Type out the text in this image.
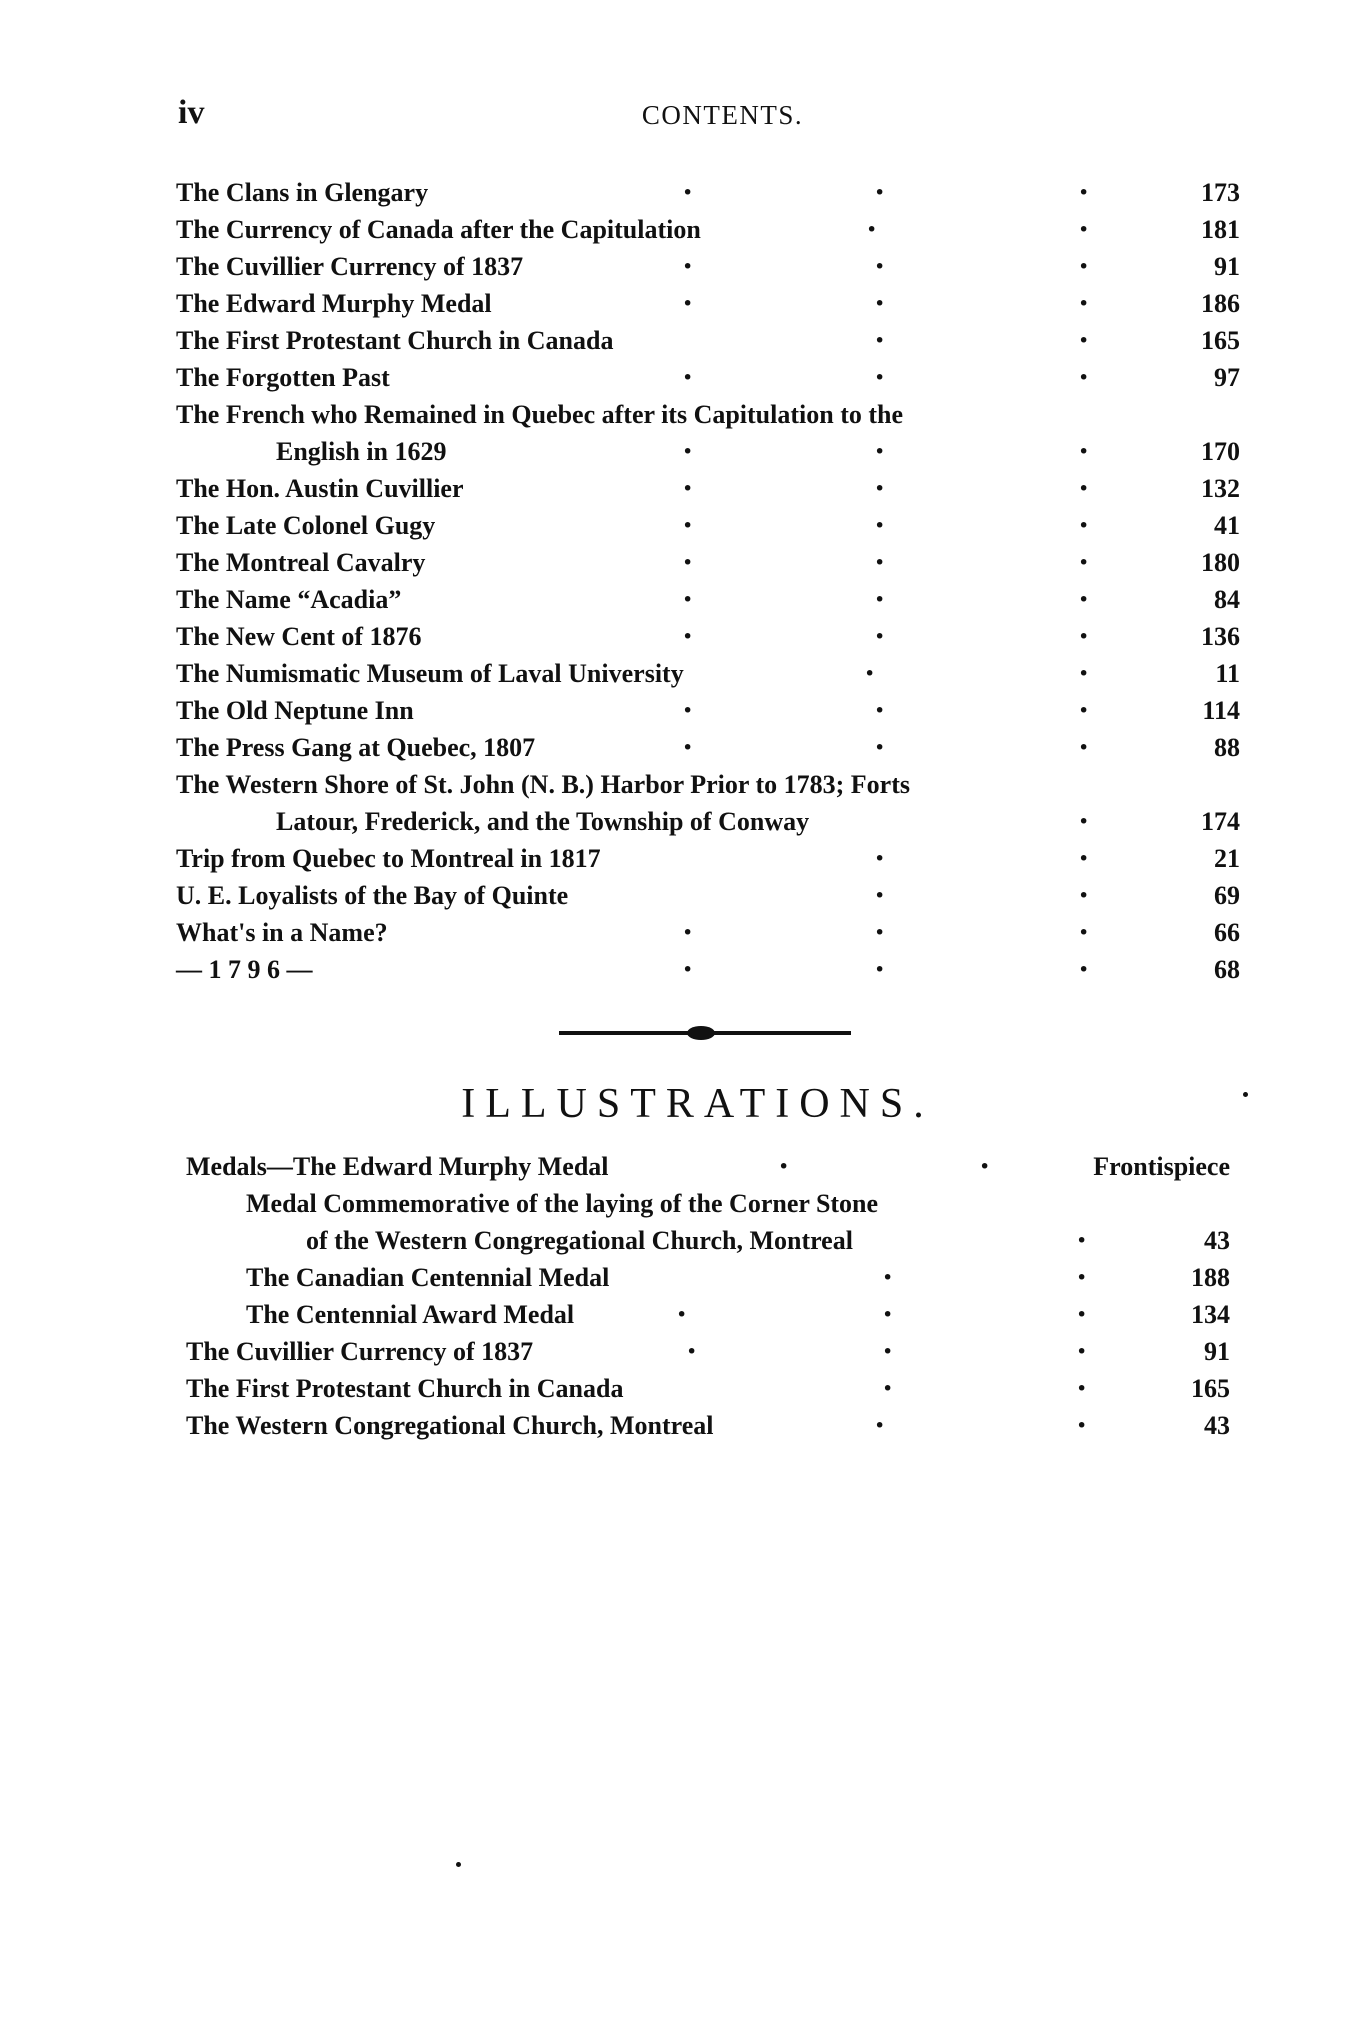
iv	CONTENTS.
The Clans in Glengary · · ·	173
The Currency of Canada after the Capitulation · ·	181
The Cuvillier Currency of 1837 · · ·	91
The Edward Murphy Medal · · ·	186
The First Protestant Church in Canada · ·	165
The Forgotten Past · · ·	97
The French who Remained in Quebec after its Capitulation to the
English in 1629 · · ·	170
The Hon. Austin Cuvillier · · ·	132
The Late Colonel Gugy · · ·	41
The Montreal Cavalry · · ·	180
The Name “Acadia” · · ·	84
The New Cent of 1876 · · ·	136
The Numismatic Museum of Laval University · ·	11
The Old Neptune Inn · · ·	114
The Press Gang at Quebec, 1807 · · ·	88
The Western Shore of St. John (N. B.) Harbor Prior to 1783; Forts
Latour, Frederick, and the Township of Conway ·	174
Trip from Quebec to Montreal in 1817 · ·	21
U. E. Loyalists of the Bay of Quinte · ·	69
What's in a Name? · · ·	66
— 1 7 9 6 — · · ·	68
ILLUSTRATIONS.
Medals—The Edward Murphy Medal · ·	Frontispiece
Medal Commemorative of the laying of the Corner Stone
of the Western Congregational Church, Montreal ·	43
The Canadian Centennial Medal · ·	188
The Centennial Award Medal · · ·	134
The Cuvillier Currency of 1837 · · ·	91
The First Protestant Church in Canada · ·	165
The Western Congregational Church, Montreal · ·	43
